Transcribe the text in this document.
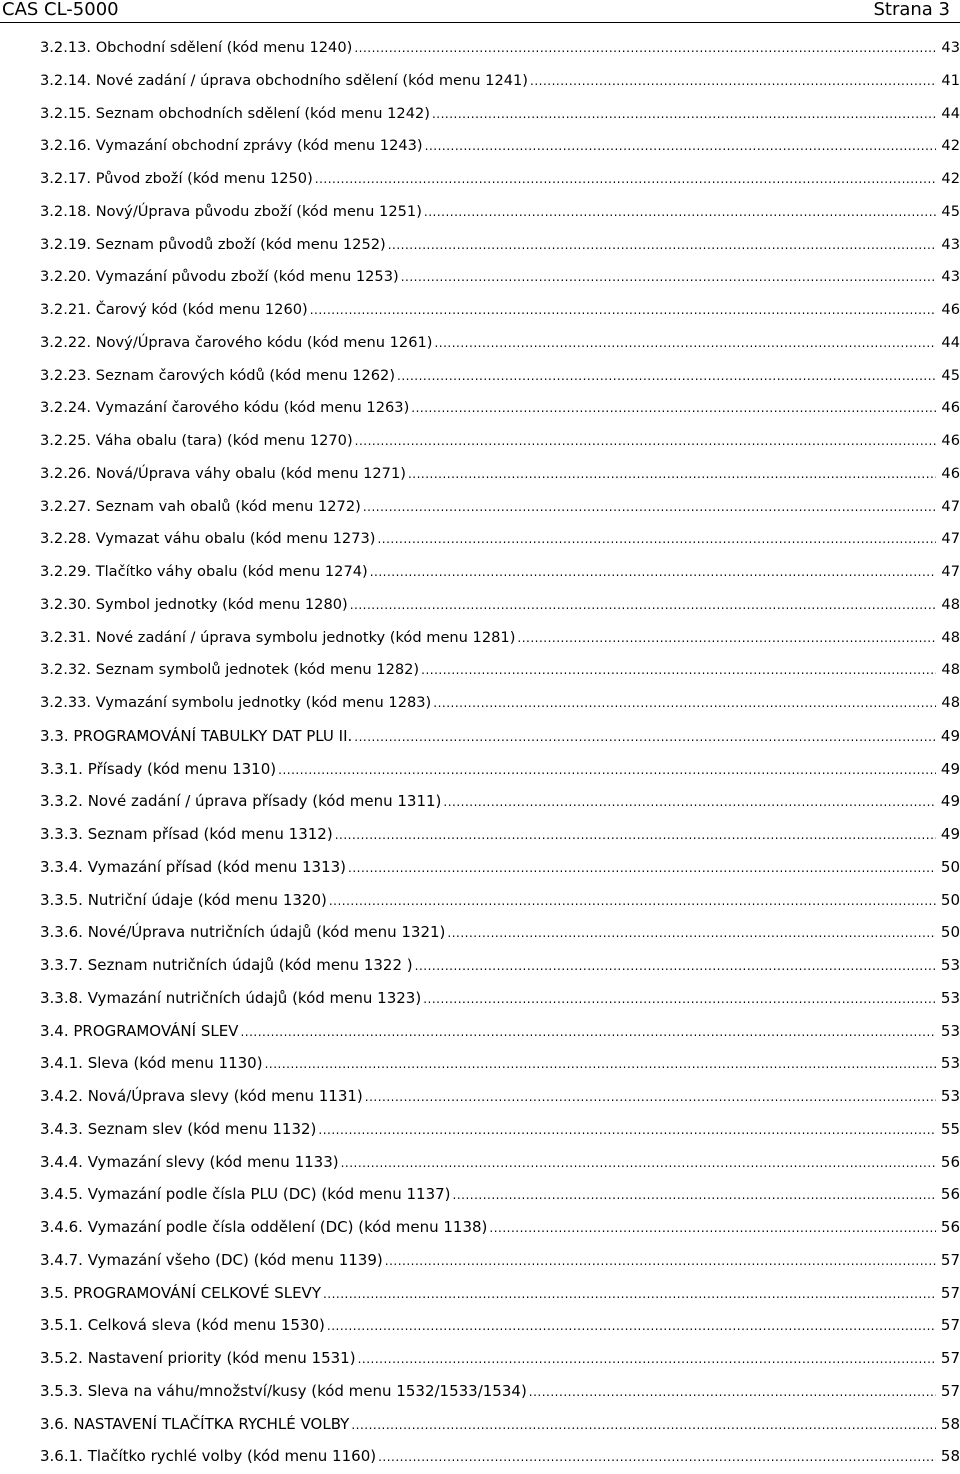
CAS CL-5000	Strana 3
3.2.13. Obchodní sdělení (kód menu 1240) .....	43
3.2.14. Nové zadání / úprava obchodního sdělení (kód menu 1241) .....	41
3.2.15. Seznam obchodních sdělení (kód menu 1242) .....	44
3.2.16. Vymazání obchodní zprávy (kód menu 1243) .....	42
3.2.17. Původ zboží (kód menu 1250) .....	42
3.2.18. Nový/Úprava původu zboží (kód menu 1251) .....	45
3.2.19. Seznam původů zboží (kód menu 1252) .....	43
3.2.20. Vymazání původu zboží (kód menu 1253) .....	43
3.2.21. Čarový kód (kód menu 1260) .....	46
3.2.22. Nový/Úprava čarového kódu (kód menu 1261) .....	44
3.2.23. Seznam čarových kódů (kód menu 1262) .....	45
3.2.24. Vymazání čarového kódu (kód menu 1263) .....	46
3.2.25. Váha obalu (tara) (kód menu 1270) .....	46
3.2.26. Nová/Úprava váhy obalu (kód menu 1271) .....	46
3.2.27. Seznam vah obalů (kód menu 1272) .....	47
3.2.28. Vymazat váhu obalu (kód menu 1273) .....	47
3.2.29. Tlačítko váhy obalu (kód menu 1274) .....	47
3.2.30. Symbol jednotky (kód menu 1280) .....	48
3.2.31. Nové zadání / úprava symbolu jednotky (kód menu 1281) .....	48
3.2.32. Seznam symbolů jednotek (kód menu 1282) .....	48
3.2.33. Vymazání symbolu jednotky (kód menu 1283) .....	48
3.3. PROGRAMOVÁNÍ TABULKY DAT PLU II. .....	49
3.3.1. Přísady (kód menu 1310) .....	49
3.3.2. Nové zadání / úprava přísady (kód menu 1311) .....	49
3.3.3. Seznam přísad (kód menu 1312) .....	49
3.3.4. Vymazání přísad (kód menu 1313) .....	50
3.3.5. Nutriční údaje (kód menu 1320) .....	50
3.3.6. Nové/Úprava nutričních údajů (kód menu 1321) .....	50
3.3.7. Seznam nutričních údajů (kód menu 1322 ) .....	53
3.3.8. Vymazání nutričních údajů (kód menu 1323) .....	53
3.4. PROGRAMOVÁNÍ SLEV .....	53
3.4.1. Sleva (kód menu 1130) .....	53
3.4.2. Nová/Úprava slevy (kód menu 1131) .....	53
3.4.3. Seznam slev (kód menu 1132) .....	55
3.4.4. Vymazání slevy (kód menu 1133) .....	56
3.4.5. Vymazání podle čísla PLU (DC) (kód menu 1137) .....	56
3.4.6. Vymazání podle čísla oddělení (DC) (kód menu 1138) .....	56
3.4.7. Vymazání všeho (DC) (kód menu 1139) .....	57
3.5. PROGRAMOVÁNÍ CELKOVÉ SLEVY .....	57
3.5.1. Celková sleva (kód menu 1530) .....	57
3.5.2. Nastavení priority (kód menu 1531) .....	57
3.5.3. Sleva na váhu/množství/kusy (kód menu 1532/1533/1534) .....	57
3.6. NASTAVENÍ TLAČÍTKA RYCHLÉ VOLBY .....	58
3.6.1. Tlačítko rychlé volby (kód menu 1160) .....	58
